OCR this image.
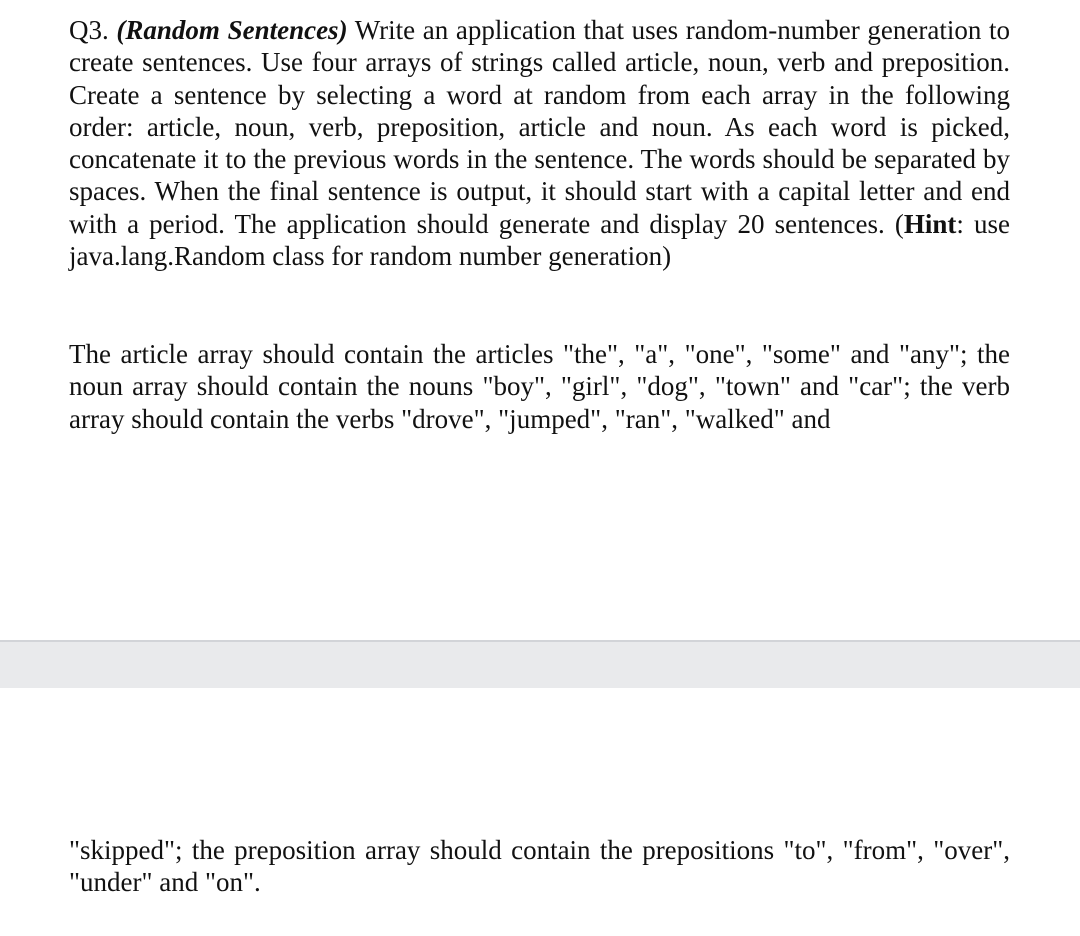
Q3. (Random Sentences) Write an application that uses random-number generation to create sentences. Use four arrays of strings called article, noun, verb and preposition. Create a sentence by selecting a word at random from each array in the following order: article, noun, verb, preposition, article and noun. As each word is picked, concatenate it to the previous words in the sentence. The words should be separated by spaces. When the final sentence is output, it should start with a capital letter and end with a period. The application should generate and display 20 sentences. (Hint: use java.lang.Random class for random number generation)

The article array should contain the articles "the", "a", "one", "some" and "any"; the noun array should contain the nouns "boy", "girl", "dog", "town" and "car"; the verb array should contain the verbs "drove", "jumped", "ran", "walked" and

"skipped"; the preposition array should contain the prepositions "to", "from", "over", "under" and "on".
